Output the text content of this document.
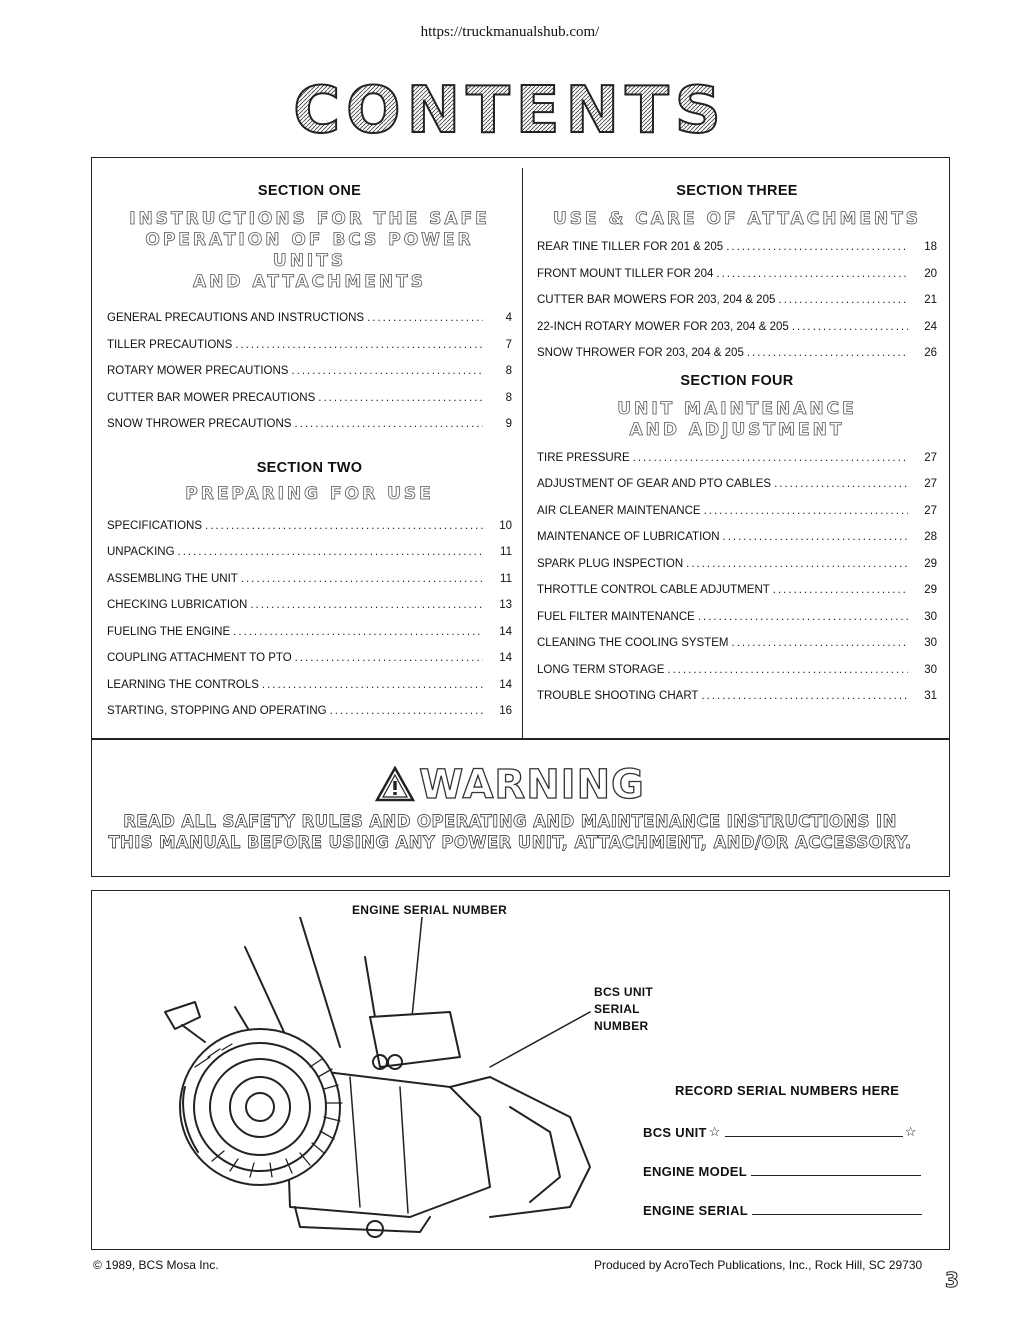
https://truckmanualshub.com/
CONTENTS
SECTION ONE
INSTRUCTIONS FOR THE SAFE
OPERATION OF BCS POWER UNITS
AND ATTACHMENTS
GENERAL PRECAUTIONS AND INSTRUCTIONS .....	4
TILLER PRECAUTIONS .....	7
ROTARY MOWER PRECAUTIONS .....	8
CUTTER BAR MOWER PRECAUTIONS .....	8
SNOW THROWER PRECAUTIONS .....	9
SECTION TWO
PREPARING FOR USE
SPECIFICATIONS .....	10
UNPACKING .....	11
ASSEMBLING THE UNIT .....	11
CHECKING LUBRICATION .....	13
FUELING THE ENGINE .....	14
COUPLING ATTACHMENT TO PTO .....	14
LEARNING THE CONTROLS .....	14
STARTING, STOPPING AND OPERATING .....	16
SECTION THREE
USE & CARE OF ATTACHMENTS
REAR TINE TILLER FOR 201 & 205 .....	18
FRONT MOUNT TILLER FOR 204 .....	20
CUTTER BAR MOWERS FOR 203, 204 & 205 .....	21
22-INCH ROTARY MOWER FOR 203, 204 & 205 .....	24
SNOW THROWER FOR 203, 204 & 205 .....	26
SECTION FOUR
UNIT MAINTENANCE
AND ADJUSTMENT
TIRE PRESSURE .....	27
ADJUSTMENT OF GEAR AND PTO CABLES .....	27
AIR CLEANER MAINTENANCE .....	27
MAINTENANCE OF LUBRICATION .....	28
SPARK PLUG INSPECTION .....	29
THROTTLE CONTROL CABLE ADJUTMENT .....	29
FUEL FILTER MAINTENANCE .....	30
CLEANING THE COOLING SYSTEM .....	30
LONG TERM STORAGE .....	30
TROUBLE SHOOTING CHART .....	31
WARNING
READ ALL SAFETY RULES AND OPERATING AND MAINTENANCE INSTRUCTIONS IN
THIS MANUAL BEFORE USING ANY POWER UNIT, ATTACHMENT, AND/OR ACCESSORY.
ENGINE SERIAL NUMBER
BCS UNIT
SERIAL
NUMBER
RECORD SERIAL NUMBERS HERE
BCS UNIT ☆	☆
ENGINE MODEL
ENGINE SERIAL
© 1989, BCS Mosa Inc.	Produced by AcroTech Publications, Inc., Rock Hill, SC 29730
3
